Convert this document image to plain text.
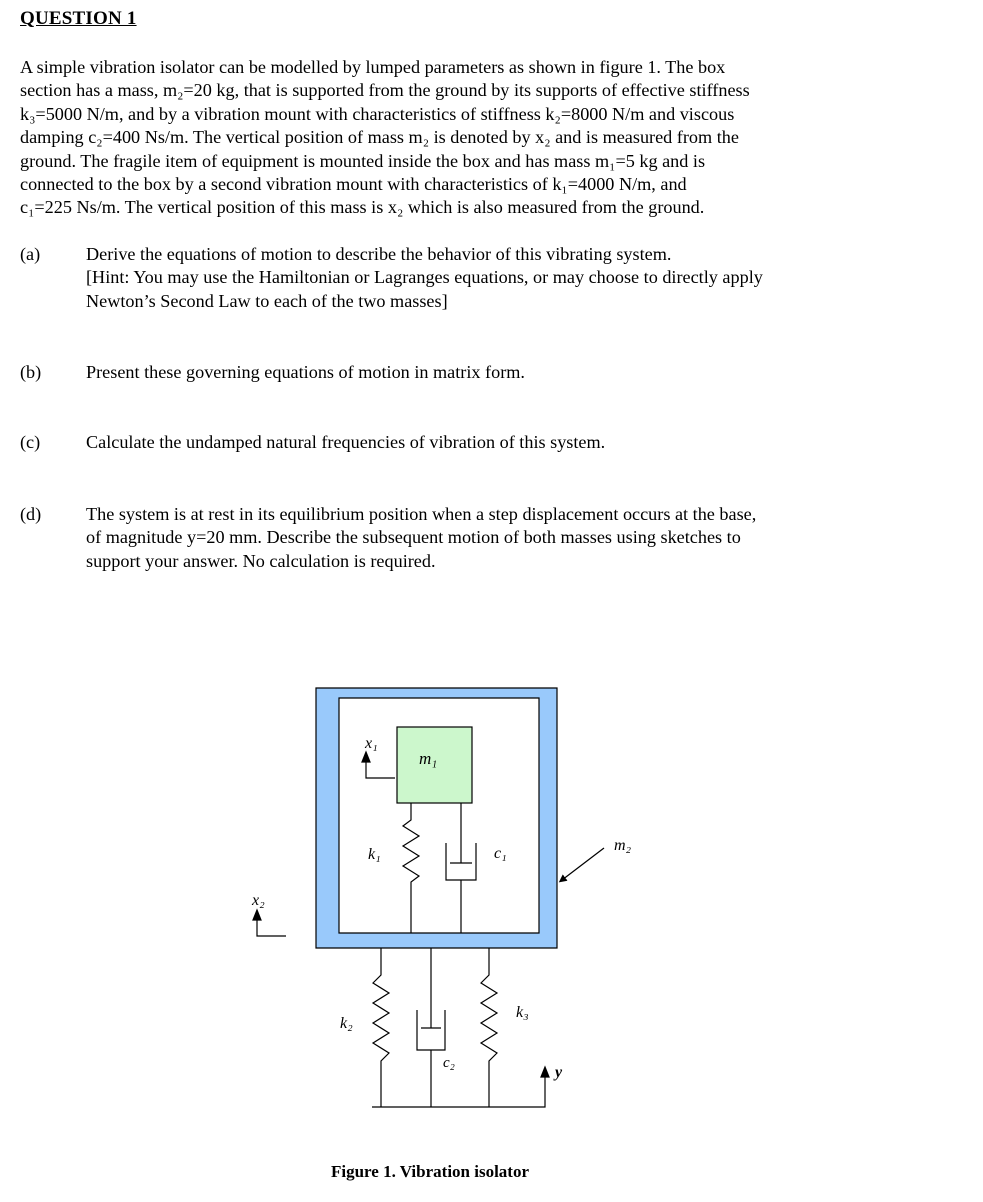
QUESTION 1

A simple vibration isolator can be modelled by lumped parameters as shown in figure 1. The box

section has a mass, m₂=20 kg, that is supported from the ground by its supports of effective stiffness

k₃=5000 N/m, and by a vibration mount with characteristics of stiffness k₂=8000 N/m and viscous

damping c₂=400 Ns/m. The vertical position of mass m₂ is denoted by x₂ and is measured from the

ground. The fragile item of equipment is mounted inside the box and has mass m₁=5 kg and is

connected to the box by a second vibration mount with characteristics of k₁=4000 N/m, and

c₁=225 Ns/m. The vertical position of this mass is x₂ which is also measured from the ground.

(a)	Derive the equations of motion to describe the behavior of this vibrating system.
[Hint: You may use the Hamiltonian or Lagranges equations, or may choose to directly apply
Newton’s Second Law to each of the two masses]
(b) Present these governing equations of motion in matrix form.
(c)	Calculate the undamped natural frequencies of vibration of this system.
(d) The system is at rest in its equilibrium position when a step displacement occurs at the base,
of magnitude y=20 mm. Describe the subsequent motion of both masses using sketches to
support your answer. No calculation is required.
x₁
m₁
k₁	c₁	m₂
x₂
k₂
c₂
k₃
y
Figure 1. Vibration isolator
